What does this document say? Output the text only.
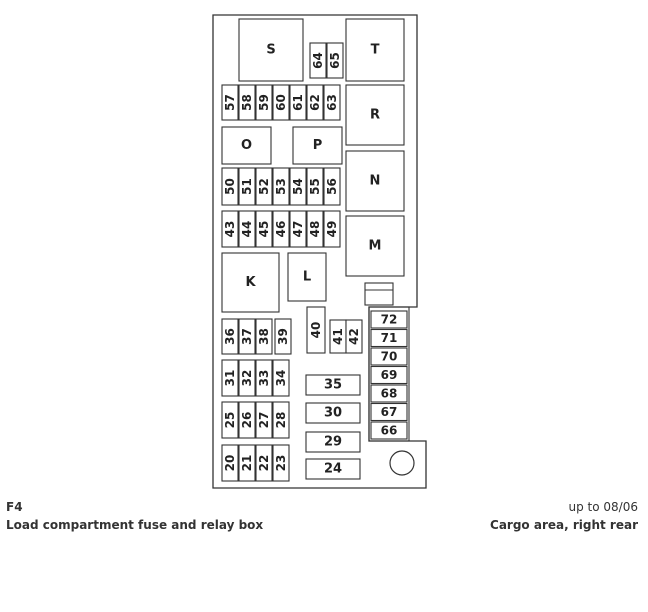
S	T
R
O	P
N
M
K	L
64 65
57 58 59 60 61 62 63
50 51 52 53 54 55 56
43 44 45 46 47 48 49
36 37 38 39
31 32 33 34
25 26 27 28
20 21 22 23
40 41 42
35
30
29
24
72
71
70
69
68
67
66
F4
Load compartment fuse and relay box
up to 08/06
Cargo area, right rear
